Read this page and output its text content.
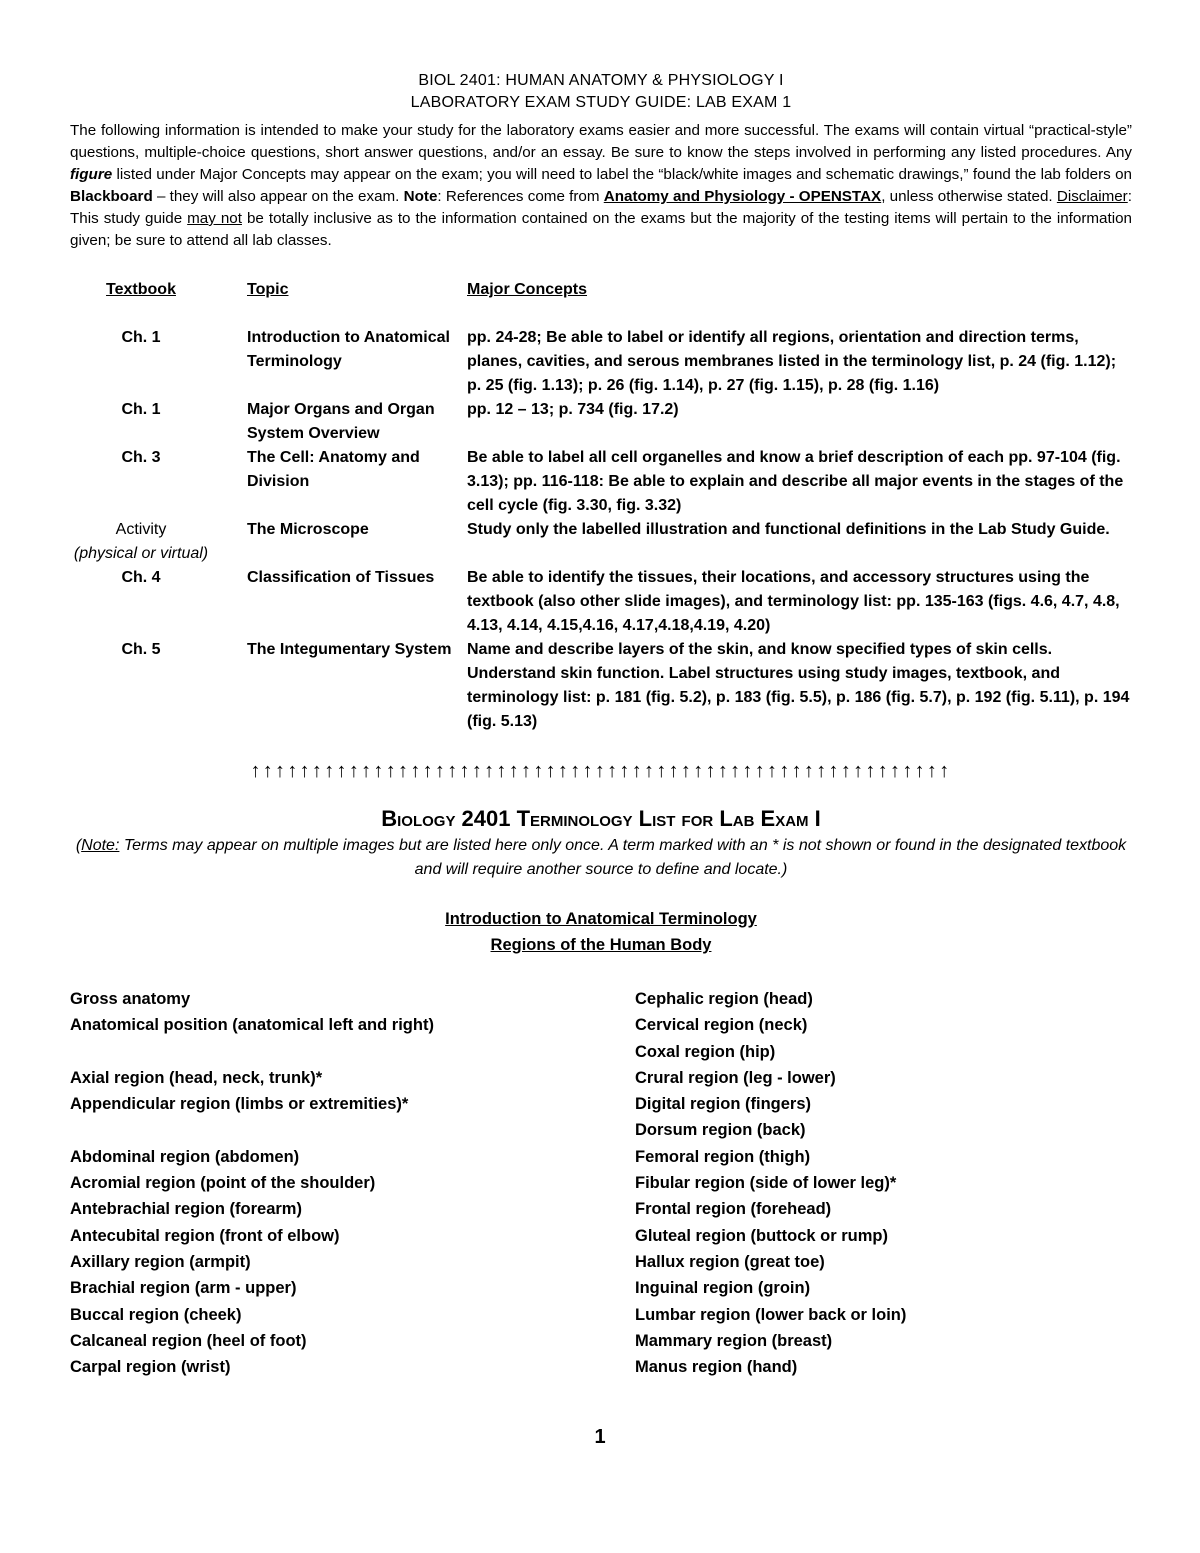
BIOL 2401: HUMAN ANATOMY & PHYSIOLOGY I
LABORATORY EXAM STUDY GUIDE: LAB EXAM 1
The following information is intended to make your study for the laboratory exams easier and more successful. The exams will contain virtual “practical-style” questions, multiple-choice questions, short answer questions, and/or an essay. Be sure to know the steps involved in performing any listed procedures. Any figure listed under Major Concepts may appear on the exam; you will need to label the “black/white images and schematic drawings,” found the lab folders on Blackboard – they will also appear on the exam. Note: References come from Anatomy and Physiology - OPENSTAX, unless otherwise stated. Disclaimer: This study guide may not be totally inclusive as to the information contained on the exams but the majority of the testing items will pertain to the information given; be sure to attend all lab classes.
Textbook	Topic	Major Concepts
Ch. 1	Introduction to Anatomical Terminology	pp. 24-28; Be able to label or identify all regions, orientation and direction terms, planes, cavities, and serous membranes listed in the terminology list, p. 24 (fig. 1.12); p. 25 (fig. 1.13); p. 26 (fig. 1.14), p. 27 (fig. 1.15), p. 28 (fig. 1.16)
Ch. 1	Major Organs and Organ System Overview	pp. 12 – 13; p. 734 (fig. 17.2)
Ch. 3	The Cell: Anatomy and Division	Be able to label all cell organelles and know a brief description of each pp. 97-104 (fig. 3.13); pp. 116-118: Be able to explain and describe all major events in the stages of the cell cycle (fig. 3.30, fig. 3.32)
Activity
(physical or virtual)	The Microscope	Study only the labelled illustration and functional definitions in the Lab Study Guide.
Ch. 4	Classification of Tissues	Be able to identify the tissues, their locations, and accessory structures using the textbook (also other slide images), and terminology list: pp. 135-163 (figs. 4.6, 4.7, 4.8, 4.13, 4.14, 4.15,4.16, 4.17,4.18,4.19, 4.20)
Ch. 5	The Integumentary System	Name and describe layers of the skin, and know specified types of skin cells. Understand skin function. Label structures using study images, textbook, and terminology list: p. 181 (fig. 5.2), p. 183 (fig. 5.5), p. 186 (fig. 5.7), p. 192 (fig. 5.11), p. 194 (fig. 5.13)
↑↑↑↑↑↑↑↑↑↑↑↑↑↑↑↑↑↑↑↑↑↑↑↑↑↑↑↑↑↑↑↑↑↑↑↑↑↑↑↑↑↑↑↑↑↑↑↑↑↑↑↑↑↑↑↑↑
Biology 2401 Terminology List for Lab Exam I
(Note: Terms may appear on multiple images but are listed here only once. A term marked with an * is not shown or found in the designated textbook and will require another source to define and locate.)
Introduction to Anatomical Terminology
Regions of the Human Body
Gross anatomy
Anatomical position (anatomical left and right)
Axial region (head, neck, trunk)*
Appendicular region (limbs or extremities)*
Abdominal region (abdomen)
Acromial region (point of the shoulder)
Antebrachial region (forearm)
Antecubital region (front of elbow)
Axillary region (armpit)
Brachial region (arm - upper)
Buccal region (cheek)
Calcaneal region (heel of foot)
Carpal region (wrist)
Cephalic region (head)
Cervical region (neck)
Coxal region (hip)
Crural region (leg - lower)
Digital region (fingers)
Dorsum region (back)
Femoral region (thigh)
Fibular region (side of lower leg)*
Frontal region (forehead)
Gluteal region (buttock or rump)
Hallux region (great toe)
Inguinal region (groin)
Lumbar region (lower back or loin)
Mammary region (breast)
Manus region (hand)
1
